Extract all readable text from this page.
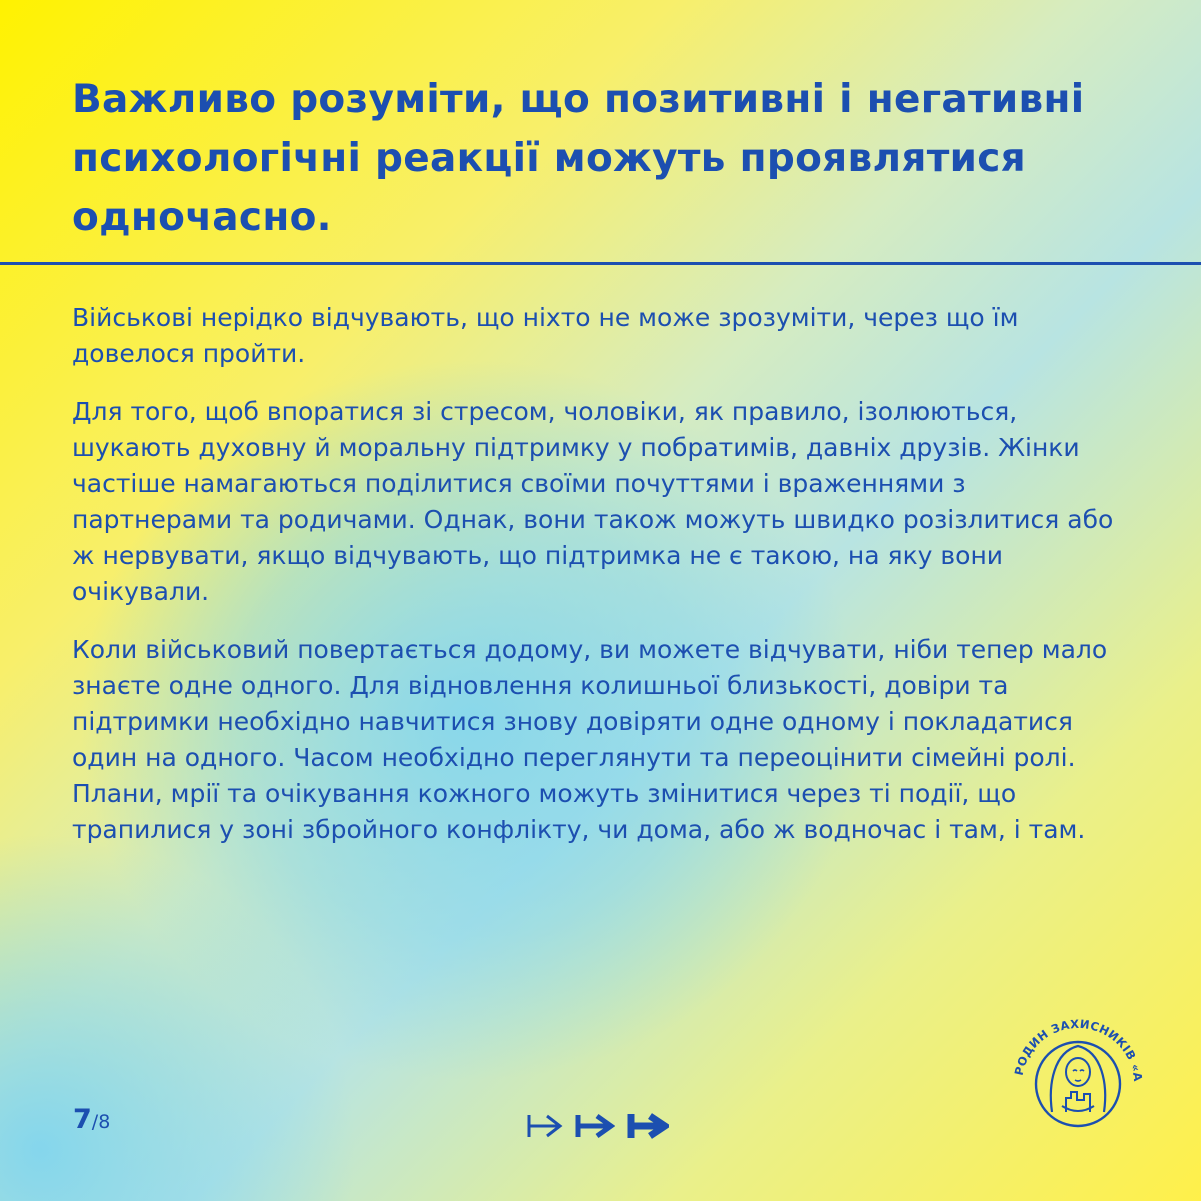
Важливо розуміти, що позитивні і негативні психологічні реакції можуть проявлятися одночасно.

Військові нерідко відчувають, що ніхто не може зрозуміти, через що їм довелося пройти.

Для того, щоб впоратися зі стресом, чоловіки, як правило, ізолюються, шукають духовну й моральну підтримку у побратимів, давніх друзів. Жінки частіше намагаються поділитися своїми почуттями і враженнями з партнерами та родичами. Однак, вони також можуть швидко розізлитися або ж нервувати, якщо відчувають, що підтримка не є такою, на яку вони очікували.

Коли військовий повертається додому, ви можете відчувати, ніби тепер мало знаєте одне одного. Для відновлення колишньої близькості, довіри та підтримки необхідно навчитися знову довіряти одне одному і покладатися один на одного. Часом необхідно переглянути та переоцінити сімейні ролі. Плани, мрії та очікування кожного можуть змінитися через ті події, що трапилися у зоні збройного конфлікту, чи дома, або ж водночас і там, і там.

7/8
РОДИН ЗАХИСНИКІВ «А
